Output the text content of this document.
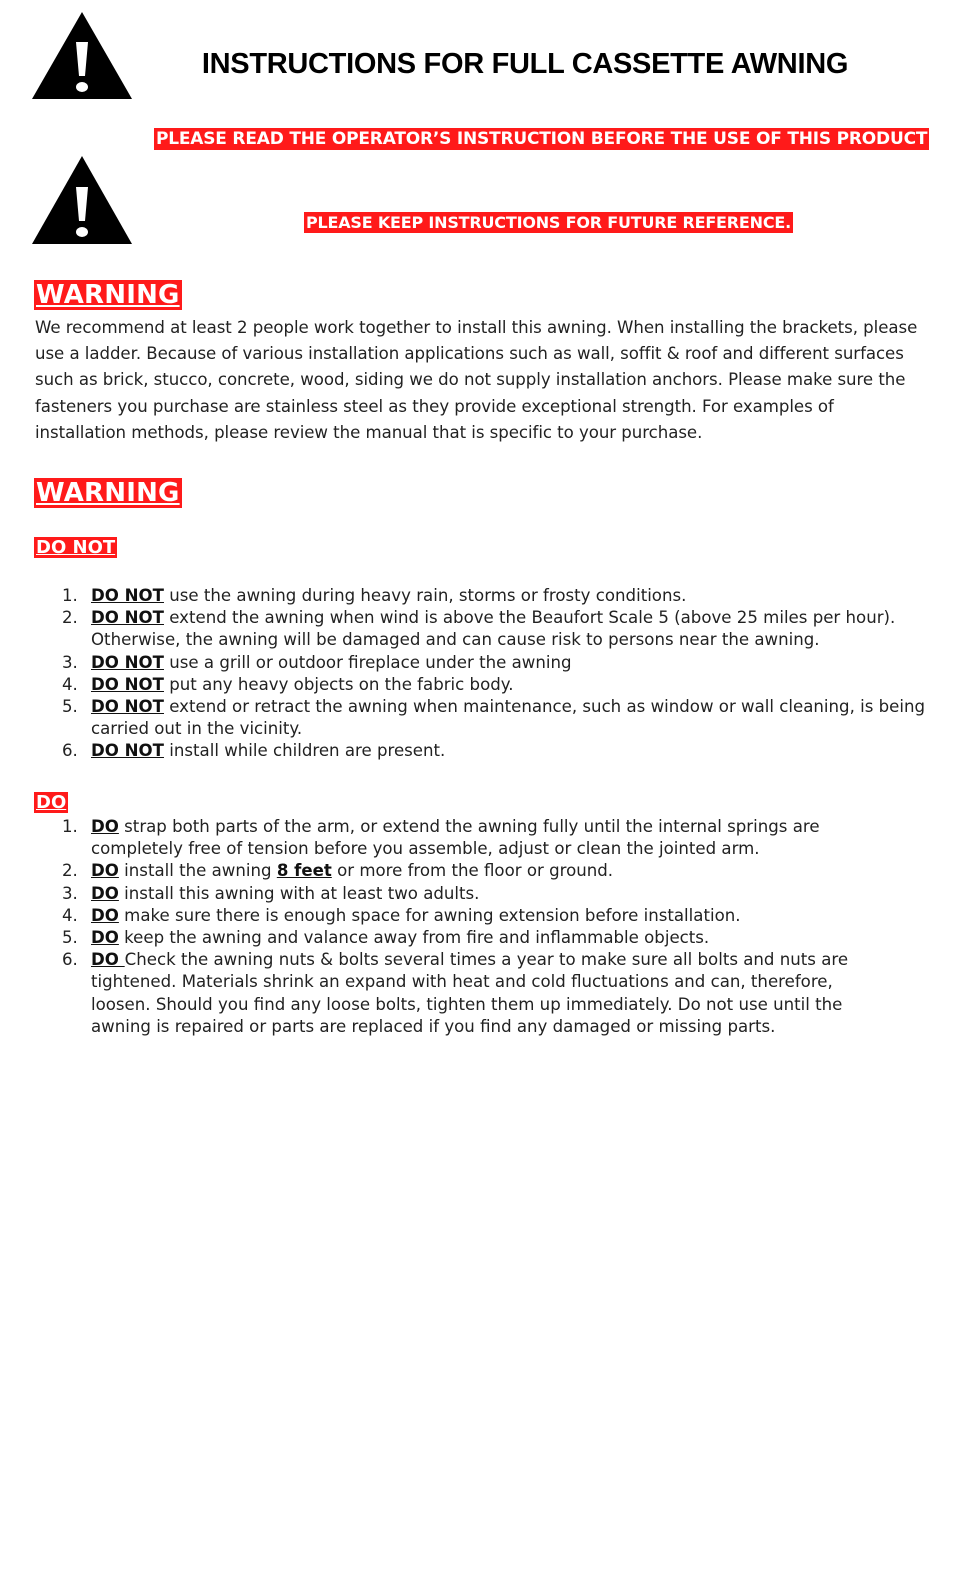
INSTRUCTIONS FOR FULL CASSETTE AWNING
PLEASE READ THE OPERATOR’S INSTRUCTION BEFORE THE USE OF THIS PRODUCT
PLEASE KEEP INSTRUCTIONS FOR FUTURE REFERENCE.
WARNING
We recommend at least 2 people work together to install this awning. When installing the brackets, please use a ladder. Because of various installation applications such as wall, soffit & roof and different surfaces such as brick, stucco, concrete, wood, siding we do not supply installation anchors. Please make sure the fasteners you purchase are stainless steel as they provide exceptional strength. For examples of installation methods, please review the manual that is specific to your purchase.
WARNING
DO NOT
1. DO NOT use the awning during heavy rain, storms or frosty conditions.
2. DO NOT extend the awning when wind is above the Beaufort Scale 5 (above 25 miles per hour). Otherwise, the awning will be damaged and can cause risk to persons near the awning.
3. DO NOT use a grill or outdoor fireplace under the awning
4. DO NOT put any heavy objects on the fabric body.
5. DO NOT extend or retract the awning when maintenance, such as window or wall cleaning, is being carried out in the vicinity.
6. DO NOT install while children are present.
DO
1. DO strap both parts of the arm, or extend the awning fully until the internal springs are completely free of tension before you assemble, adjust or clean the jointed arm.
2. DO install the awning 8 feet or more from the floor or ground.
3. DO install this awning with at least two adults.
4. DO make sure there is enough space for awning extension before installation.
5. DO keep the awning and valance away from fire and inflammable objects.
6. DO Check the awning nuts & bolts several times a year to make sure all bolts and nuts are tightened. Materials shrink an expand with heat and cold fluctuations and can, therefore, loosen. Should you find any loose bolts, tighten them up immediately. Do not use until the awning is repaired or parts are replaced if you find any damaged or missing parts.
